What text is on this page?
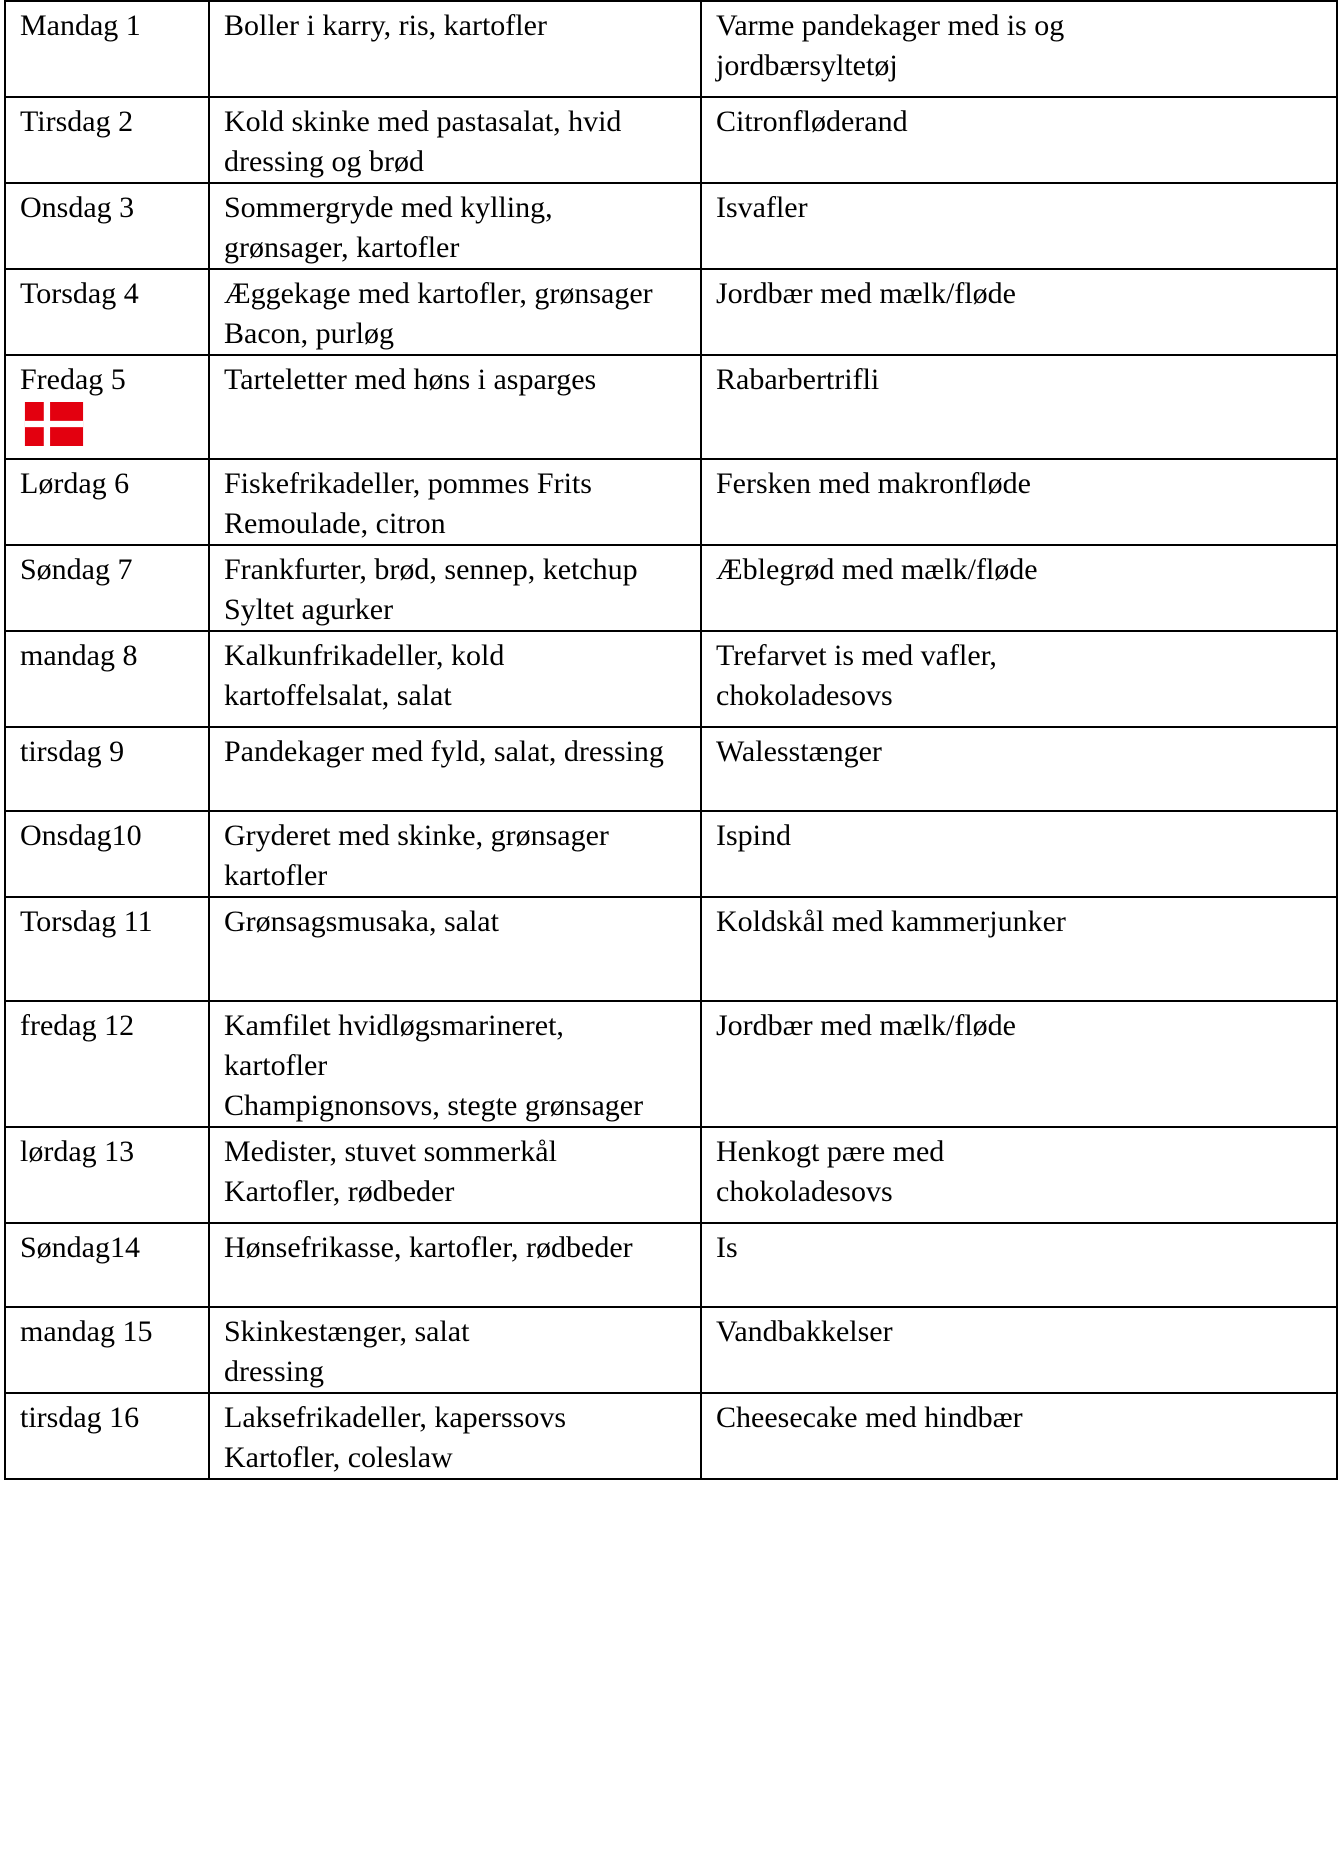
Mandag 1	Boller i karry, ris, kartofler	Varme pandekager med is og
jordbærsyltetøj

Tirsdag 2	Kold skinke med pastasalat, hvid
dressing og brød	Citronfløderand

Onsdag 3	Sommergryde med kylling,
grønsager, kartofler	Isvafler

Torsdag 4	Æggekage med kartofler, grønsager
Bacon, purløg	Jordbær med mælk/fløde

Fredag 5	Tarteletter med høns i asparges	Rabarbertrifli

Lørdag 6	Fiskefrikadeller, pommes Frits
Remoulade, citron	Fersken med makronfløde

Søndag 7	Frankfurter, brød, sennep, ketchup
Syltet agurker	Æblegrød med mælk/fløde

mandag 8	Kalkunfrikadeller, kold
kartoffelsalat, salat	Trefarvet is med vafler,
chokoladesovs

tirsdag 9	Pandekager med fyld, salat, dressing	Walesstænger

Onsdag10	Gryderet med skinke, grønsager
kartofler	Ispind

Torsdag 11	Grønsagsmusaka, salat	Koldskål med kammerjunker

fredag 12	Kamfilet hvidløgsmarineret,
kartofler
Champignonsovs, stegte grønsager	Jordbær med mælk/fløde

lørdag 13	Medister, stuvet sommerkål
Kartofler, rødbeder	Henkogt pære med
chokoladesovs

Søndag14	Hønsefrikasse, kartofler, rødbeder	Is

mandag 15	Skinkestænger, salat
dressing	Vandbakkelser

tirsdag 16	Laksefrikadeller, kaperssovs
Kartofler, coleslaw	Cheesecake med hindbær
